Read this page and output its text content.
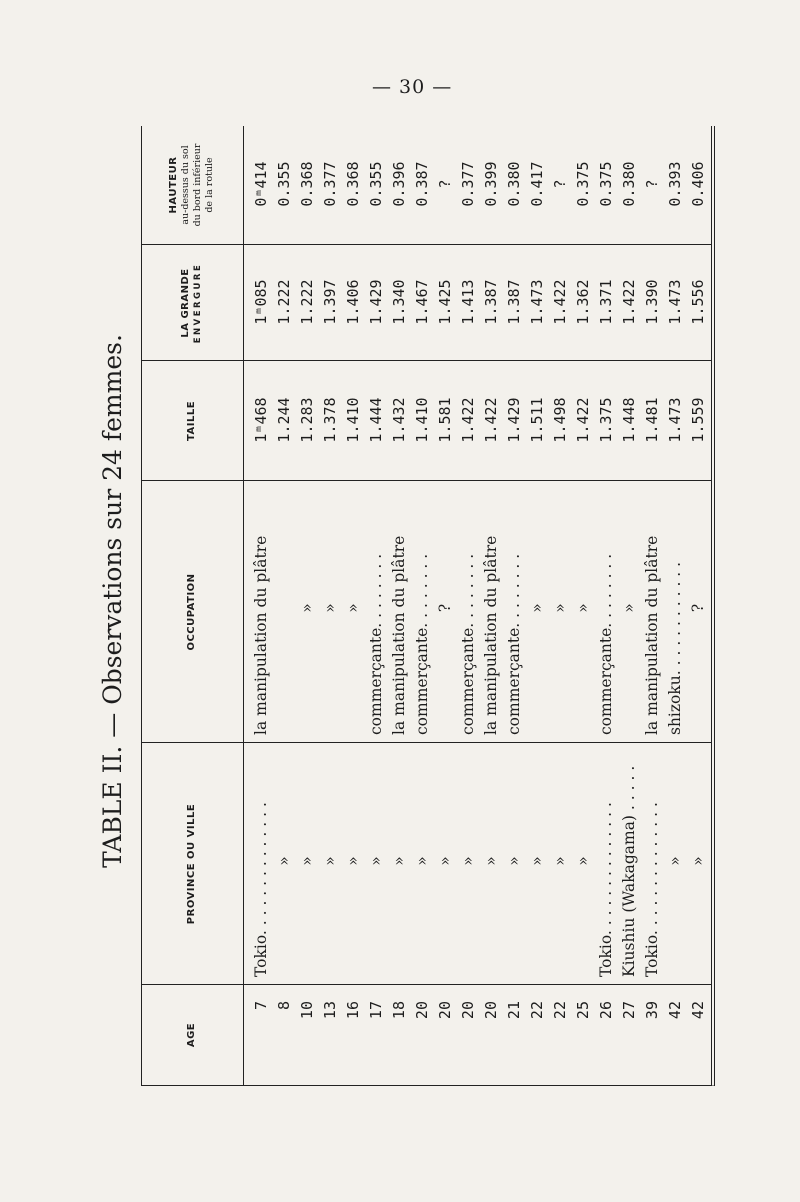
— 30 —
TABLE II. — Observations sur 24 femmes.
AGE
PROVINCE OU VILLE
OCCUPATION
TAILLE
LA GRANDE ENVERGURE
HAUTEUR au-dessus du sol du bord inférieur de la rotule
7
Tokio. . . . . . . . . . . . . .
la manipulation du plâtre
1ᵐ468
1ᵐ085
0ᵐ414
8
»
1.244
1.222
0.355
10
»
»
1.283
1.222
0.368
13
»
»
1.378
1.397
0.377
16
»
»
1.410
1.406
0.368
17
»
commerçante. . . . . . . .
1.444
1.429
0.355
18
»
la manipulation du plâtre
1.432
1.340
0.396
20
»
commerçante. . . . . . . .
1.410
1.467
0.387
20
»
?
1.581
1.425
?
20
»
commerçante. . . . . . . .
1.422
1.413
0.377
20
»
la manipulation du plâtre
1.422
1.387
0.399
21
»
commerçante. . . . . . . .
1.429
1.387
0.380
22
»
»
1.511
1.473
0.417
22
»
»
1.498
1.422
?
25
»
»
1.422
1.362
0.375
26
Tokio. . . . . . . . . . . . . .
commerçante. . . . . . . .
1.375
1.371
0.375
27
Kiushiu (Wakagama) . . . . .
»
1.448
1.422
0.380
39
Tokio. . . . . . . . . . . . . .
la manipulation du plâtre
1.481
1.390
?
42
»
shizoku. . . . . . . . . . . .
1.473
1.473
0.393
42
»
?
1.559
1.556
0.406
